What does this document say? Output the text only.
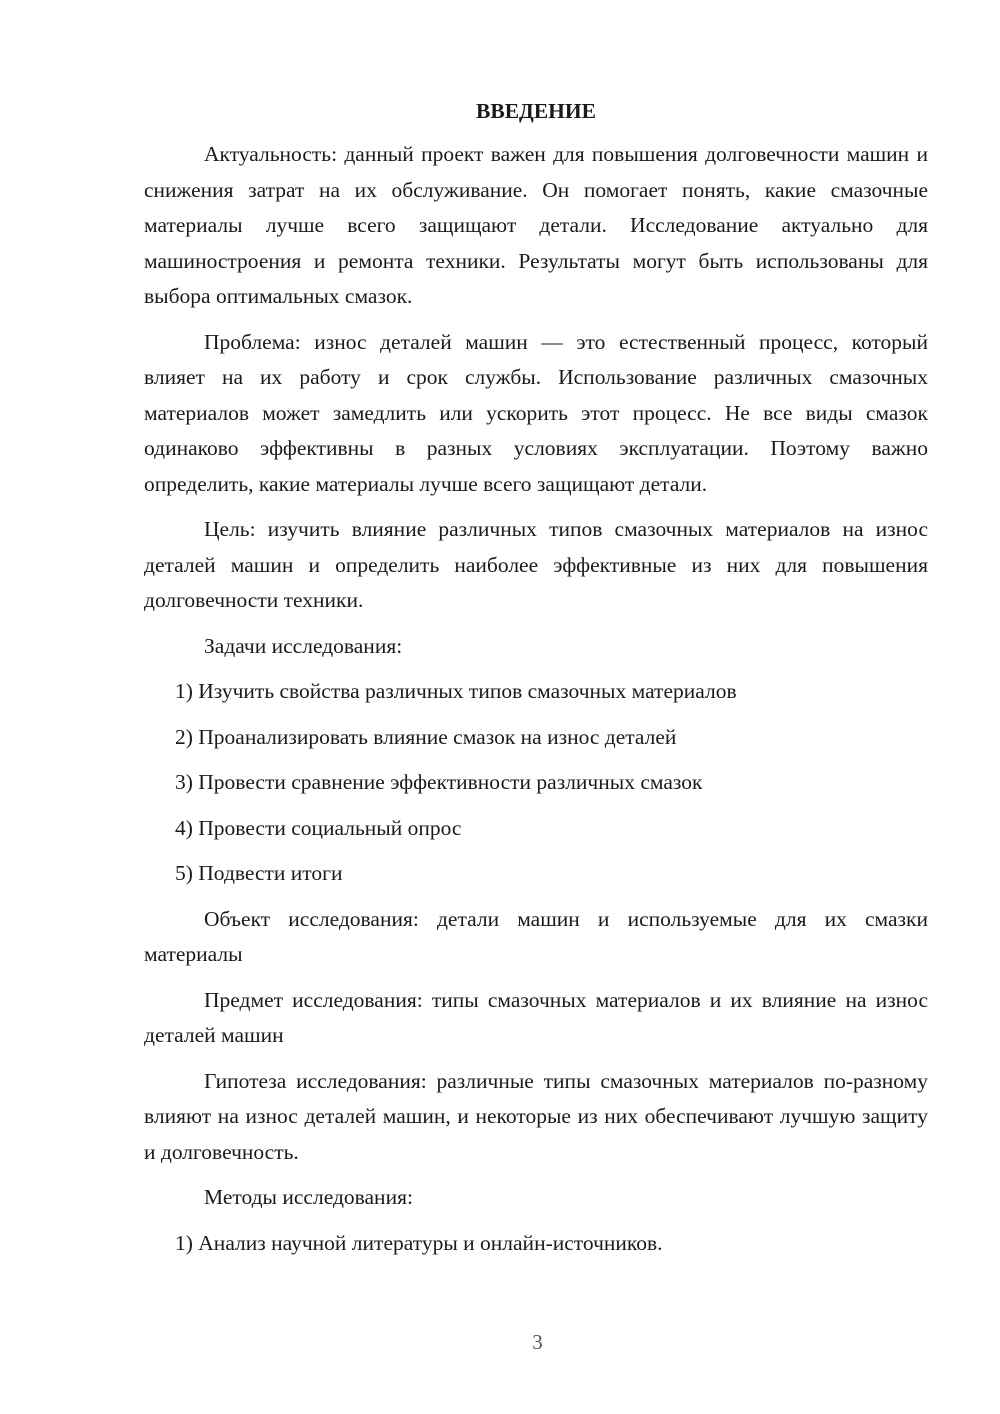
ВВЕДЕНИЕ

Актуальность: данный проект важен для повышения долговечности машин и снижения затрат на их обслуживание. Он помогает понять, какие смазочные материалы лучше всего защищают детали. Исследование актуально для машиностроения и ремонта техники. Результаты могут быть использованы для выбора оптимальных смазок.

Проблема: износ деталей машин — это естественный процесс, который влияет на их работу и срок службы. Использование различных смазочных материалов может замедлить или ускорить этот процесс. Не все виды смазок одинаково эффективны в разных условиях эксплуатации. Поэтому важно определить, какие материалы лучше всего защищают детали.

Цель: изучить влияние различных типов смазочных материалов на износ деталей машин и определить наиболее эффективные из них для повышения долговечности техники.

Задачи исследования:

1) Изучить свойства различных типов смазочных материалов
2) Проанализировать влияние смазок на износ деталей
3) Провести сравнение эффективности различных смазок
4) Провести социальный опрос
5) Подвести итоги

Объект исследования: детали машин и используемые для их смазки материалы

Предмет исследования: типы смазочных материалов и их влияние на износ деталей машин

Гипотеза исследования: различные типы смазочных материалов по-разному влияют на износ деталей машин, и некоторые из них обеспечивают лучшую защиту и долговечность.

Методы исследования:

1) Анализ научной литературы и онлайн-источников.
3
